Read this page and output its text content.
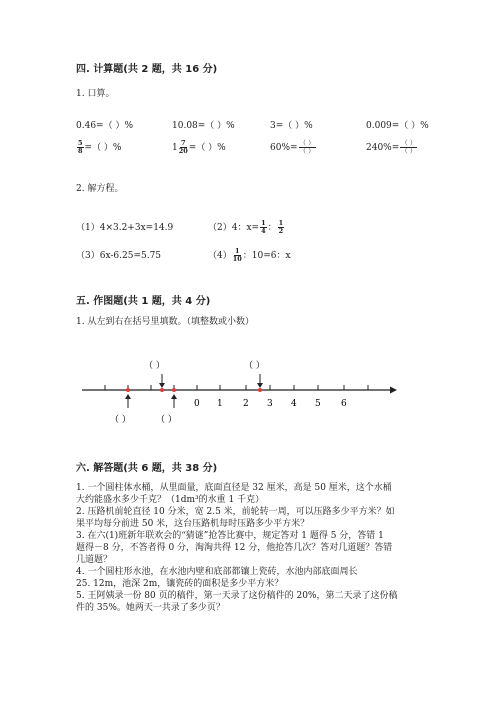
四. 计算题(共 2 题，共 16 分)
1. 口算。
0.46=（ ）%	10.08=（ ）%	3=（ ）%	0.009=（ ）%
$\frac{5}{8}$ =（ ）%	$1 \frac{7}{20}$ =（ ）%	$60\%= \frac{( )}{( )}$	$240\%= \frac{( )}{( )}$
2. 解方程。
（1）4×3.2+3x=14.9	（2）4：$x= \frac{1}{4}$ ： $\frac{1}{2}$
（3）6x-6.25=5.75	$(4) \frac{1}{10}$ ：10=6：x
五. 作图题(共 1 题，共 4 分)
1. 从左到右在括号里填数。（填整数或小数）
（ ）	（ ）
0 1 2 3 4 5 6
（ ）	（ ）
六. 解答题(共 6 题，共 38 分)
1. 一个圆柱体水桶，从里面量，底面直径是 32 厘米，高是 50 厘米，这个水桶
大约能盛水多少千克？（1dm³的水重 1 千克）
2. 压路机前轮直径 10 分米，宽 2.5 米，前轮转一周，可以压路多少平方米？如
果平均每分前进 50 米，这台压路机每时压路多少平方米？
3. 在六(1)班新年联欢会的“猜谜”抢答比赛中，规定答对 1 题得 5 分，答错 1
题得－8 分，不答者得 0 分，淘淘共得 12 分，他抢答几次？答对几道题？答错
几道题？
4. 一个圆柱形水池，在水池内壁和底部都镶上瓷砖，水池内部底面周长
25. 12m，池深 2m，镶瓷砖的面积是多少平方米？
5. 王阿姨录一份 80 页的稿件，第一天录了这份稿件的 20%，第二天录了这份稿
件的 35%。她两天一共录了多少页？
